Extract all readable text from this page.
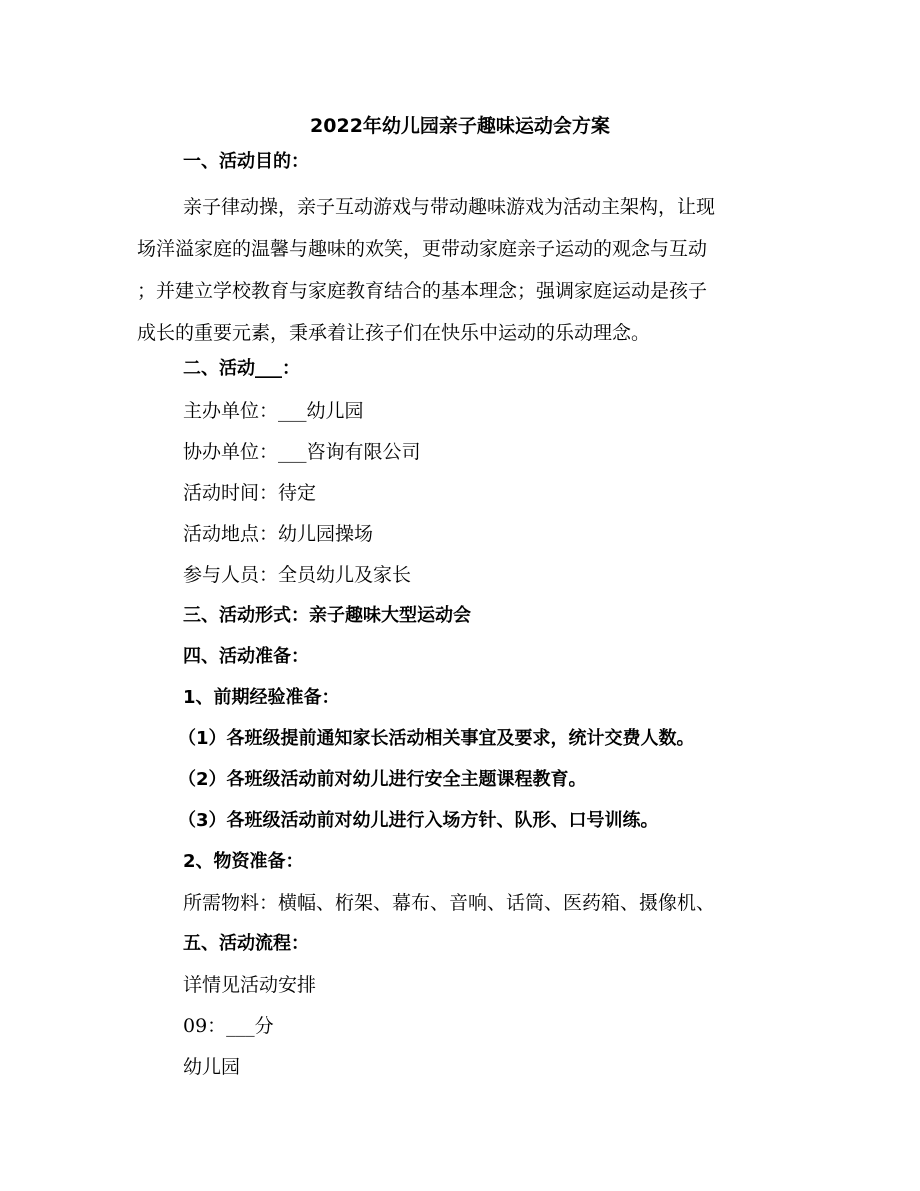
2022年幼儿园亲子趣味运动会方案
一、活动目的：
亲子律动操，亲子互动游戏与带动趣味游戏为活动主架构，让现
场洋溢家庭的温馨与趣味的欢笑，更带动家庭亲子运动的观念与互动
；并建立学校教育与家庭教育结合的基本理念；强调家庭运动是孩子
成长的重要元素，秉承着让孩子们在快乐中运动的乐动理念。
二、活动___：
主办单位：___幼儿园
协办单位：___咨询有限公司
活动时间：待定
活动地点：幼儿园操场
参与人员：全员幼儿及家长
三、活动形式：亲子趣味大型运动会
四、活动准备：
1、前期经验准备：
（1）各班级提前通知家长活动相关事宜及要求，统计交费人数。
（2）各班级活动前对幼儿进行安全主题课程教育。
（3）各班级活动前对幼儿进行入场方针、队形、口号训练。
2、物资准备：
所需物料：横幅、桁架、幕布、音响、话筒、医药箱、摄像机、
五、活动流程：
详情见活动安排
09：___分
幼儿园
